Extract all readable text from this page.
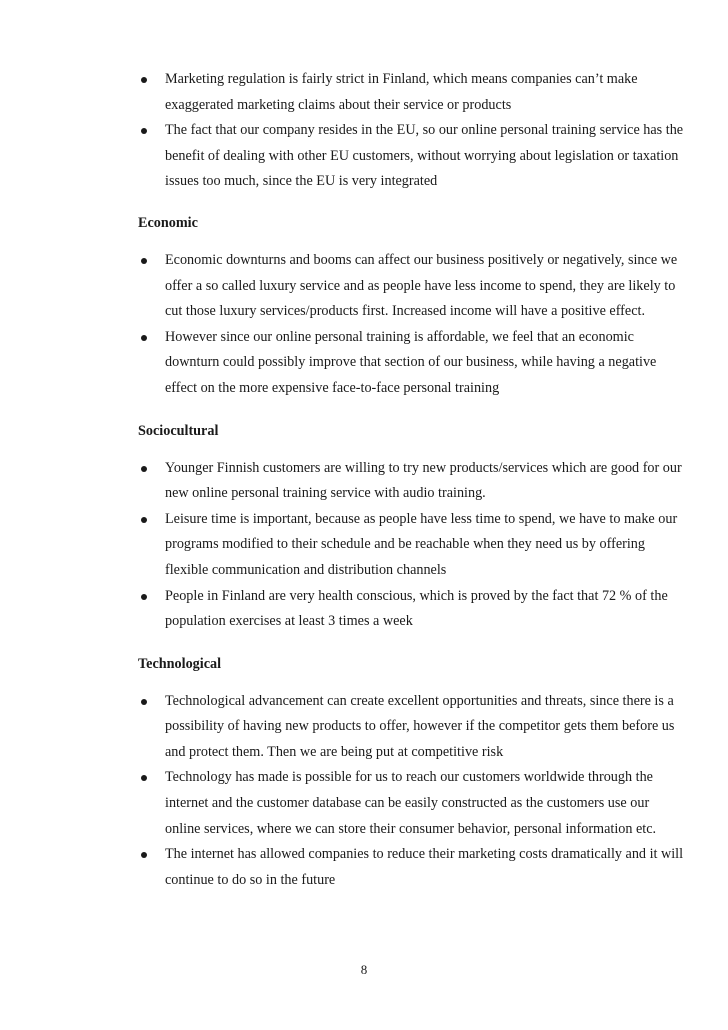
Marketing regulation is fairly strict in Finland, which means companies can’t make exaggerated marketing claims about their service or products
The fact that our company resides in the EU, so our online personal training service has the benefit of dealing with other EU customers, without worrying about legislation or taxation issues too much, since the EU is very integrated
Economic
Economic downturns and booms can affect our business positively or negatively, since we offer a so called luxury service and as people have less income to spend, they are likely to cut those luxury services/products first. Increased income will have a positive effect.
However since our online personal training is affordable, we feel that an economic downturn could possibly improve that section of our business, while having a negative effect on the more expensive face-to-face personal training
Sociocultural
Younger Finnish customers are willing to try new products/services which are good for our new online personal training service with audio training.
Leisure time is important, because as people have less time to spend, we have to make our programs modified to their schedule and be reachable when they need us by offering flexible communication and distribution channels
People in Finland are very health conscious, which is proved by the fact that 72 % of the population exercises at least 3 times a week
Technological
Technological advancement can create excellent opportunities and threats, since there is a possibility of having new products to offer, however if the competitor gets them before us and protect them. Then we are being put at competitive risk
Technology has made is possible for us to reach our customers worldwide through the internet and the customer database can be easily constructed as the customers use our online services, where we can store their consumer behavior, personal information etc.
The internet has allowed companies to reduce their marketing costs dramatically and it will continue to do so in the future
8
